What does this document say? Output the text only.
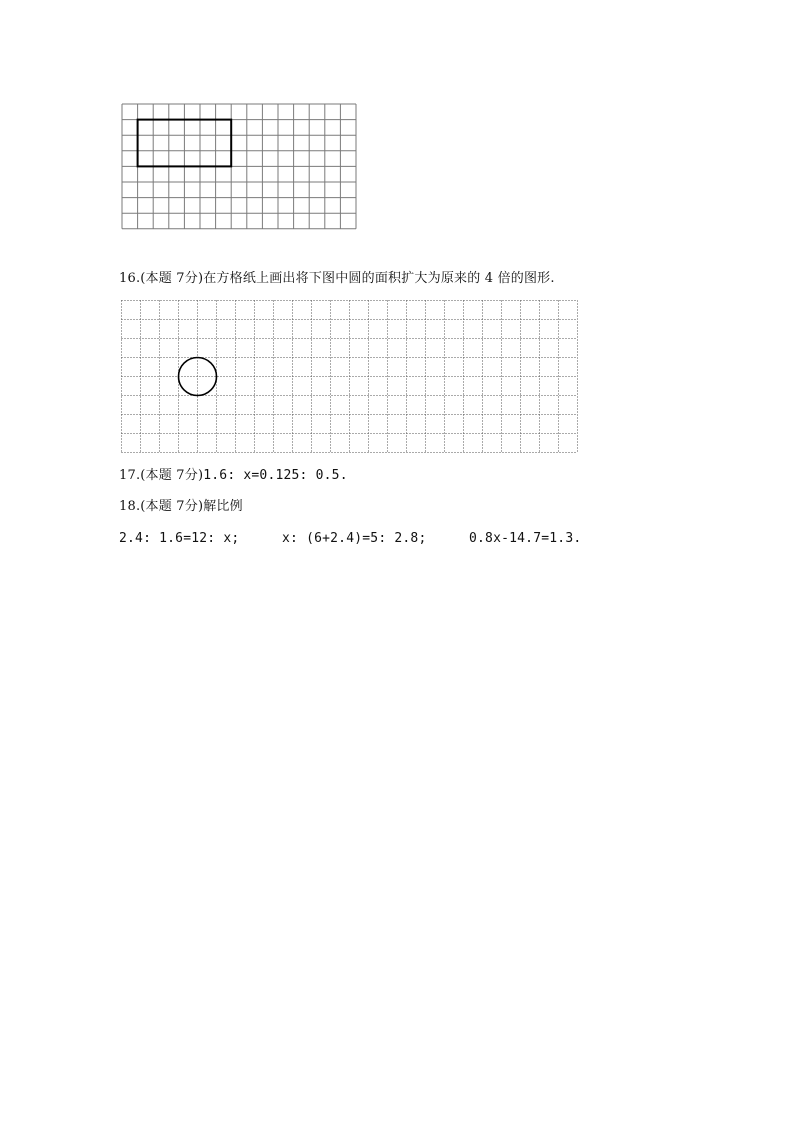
16.(本题 7分)在方格纸上画出将下图中圆的面积扩大为原来的 4 倍的图形.
17.(本题 7分)1.6: x=0.125: 0.5.
18.(本题 7分)解比例
2.4: 1.6=12: x;	x: (6+2.4)=5: 2.8;	0.8x-14.7=1.3.
